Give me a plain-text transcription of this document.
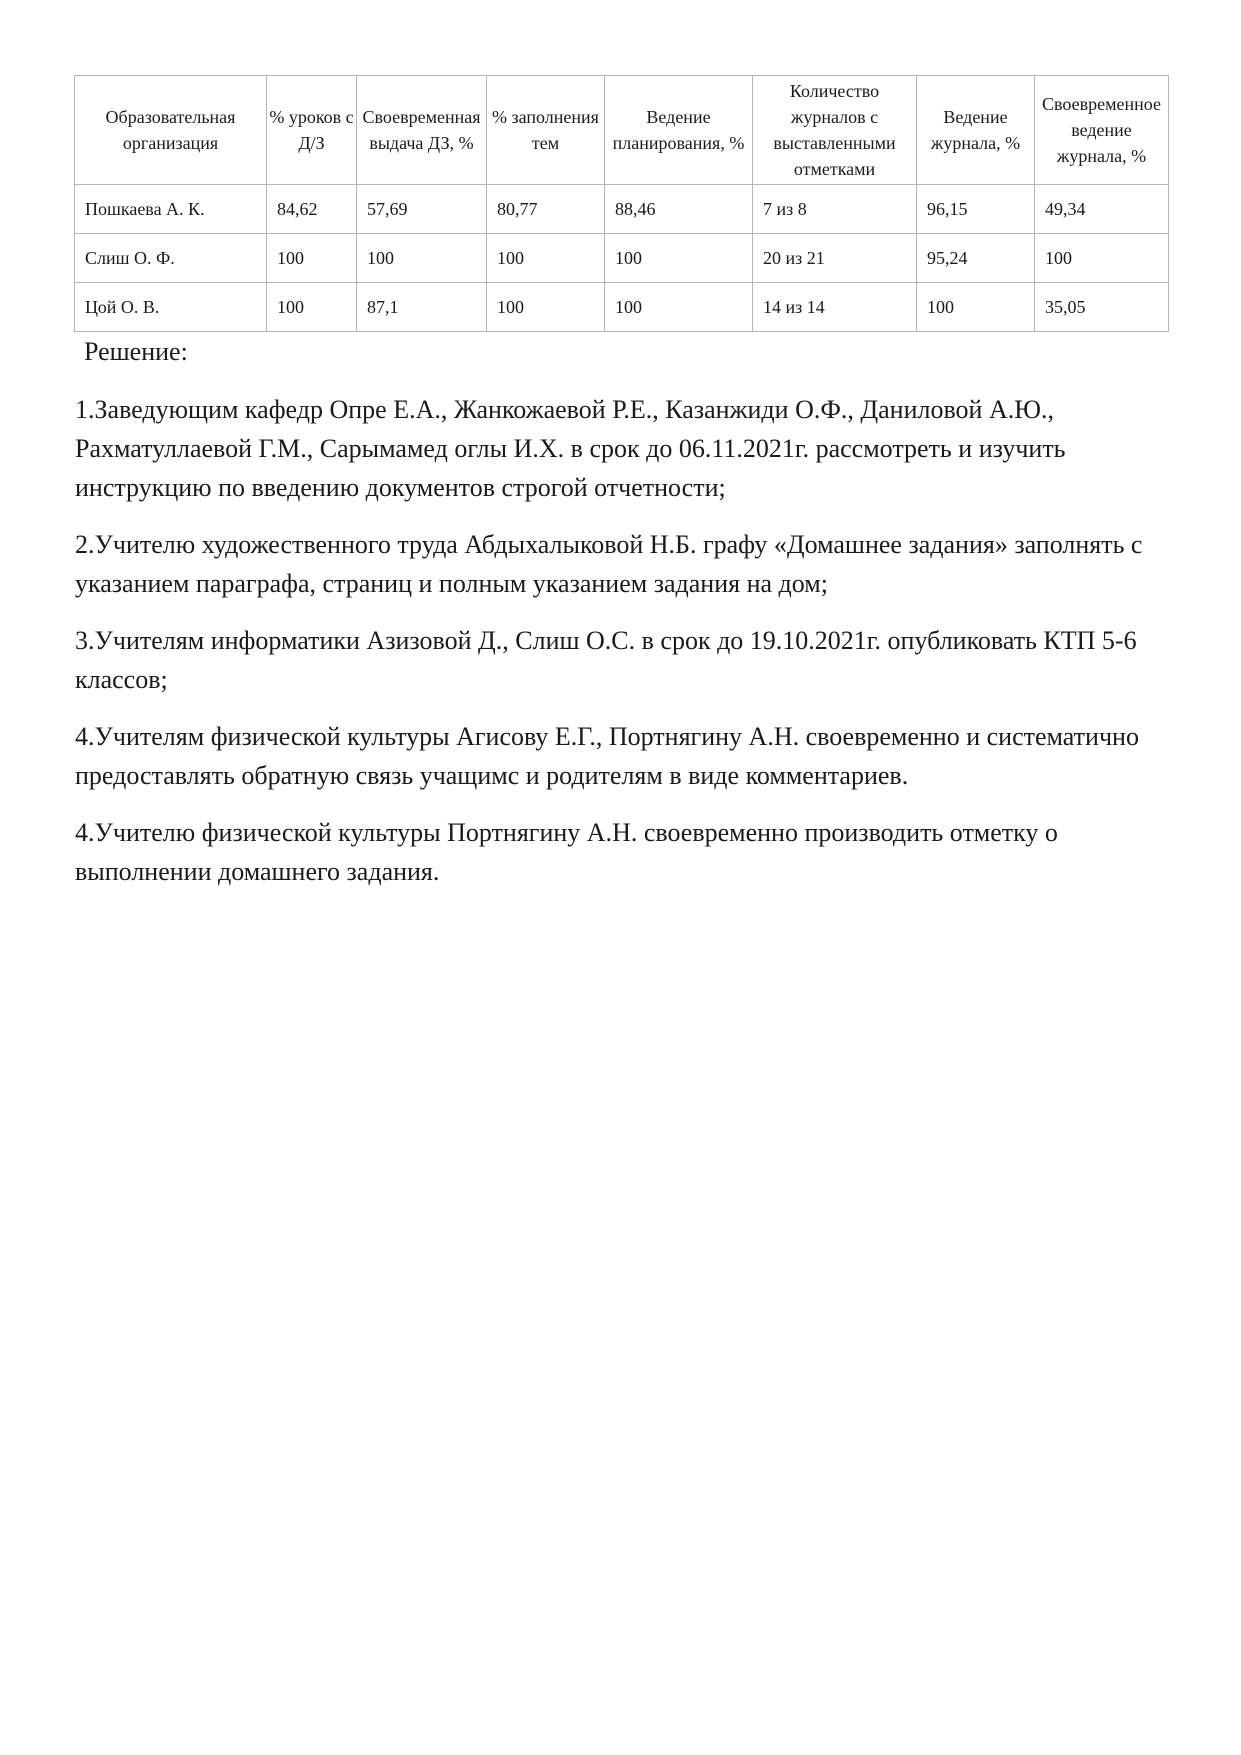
Образовательная организация	% уроков с Д/З	Своевременная выдача ДЗ, %	% заполнения тем	Ведение планирования, %	Количество журналов с выставленными отметками	Ведение журнала, %	Своевременное ведение журнала, %
Пошкаева А. К.	84,62	57,69	80,77	88,46	7 из 8	96,15	49,34
Слиш О. Ф.	100	100	100	100	20 из 21	95,24	100
Цой О. В.	100	87,1	100	100	14 из 14	100	35,05
Решение:

1.Заведующим кафедр Опре Е.А., Жанкожаевой Р.Е., Казанжиди О.Ф., Даниловой А.Ю., Рахматуллаевой Г.М., Сарымамед оглы И.Х. в срок до 06.11.2021г. рассмотреть и изучить инструкцию по введению документов строгой отчетности;

2.Учителю художественного труда Абдыхалыковой Н.Б. графу «Домашнее задания» заполнять с указанием параграфа, страниц и полным указанием задания на дом;

3.Учителям информатики Азизовой Д., Слиш О.С. в срок до 19.10.2021г. опубликовать КТП 5-6 классов;

4.Учителям физической культуры Агисову Е.Г., Портнягину А.Н. своевременно и систематично предоставлять обратную связь учащимс и родителям в виде комментариев.

4.Учителю физической культуры Портнягину А.Н. своевременно производить отметку о выполнении домашнего задания.
